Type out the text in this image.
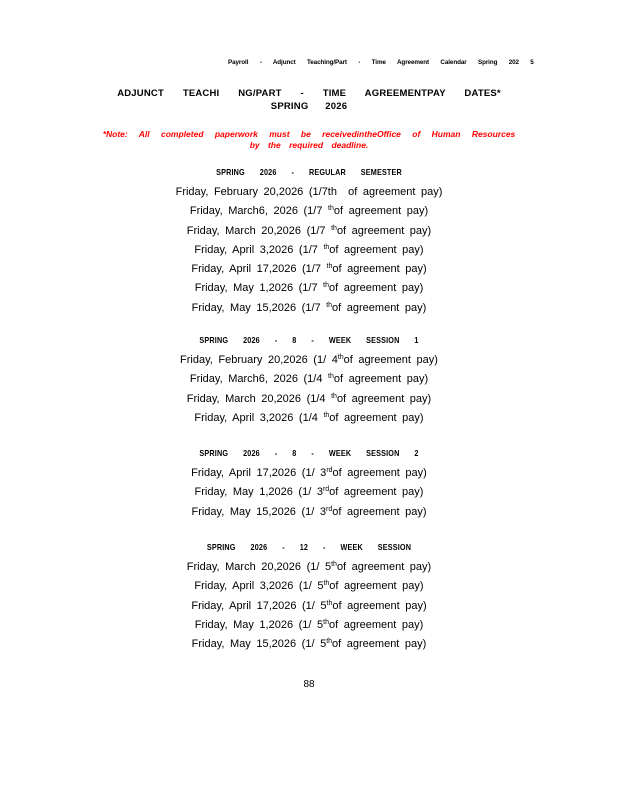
Payroll - Adjunct Teaching/Part - Time Agreement Calendar Spring 202 5
ADJUNCT TEACHI NG/PART - TIME AGREEMENTPAY DATES*
SPRING 2026
*Note: All completed paperwork must be receivedintheOffice of Human Resources
by the required deadline.
SPRING 2026 - REGULAR SEMESTER
Friday, February 20,2026 (1/7th  of agreement pay)
Friday, March6, 2026 (1/7 $^{th}$of agreement pay)
Friday, March 20,2026 (1/7 $^{th}$of agreement pay)
Friday, April 3,2026 (1/7 $^{th}$of agreement pay)
Friday, April 17,2026 (1/7 $^{th}$of agreement pay)
Friday, May 1,2026 (1/7 $^{th}$of agreement pay)
Friday, May 15,2026 (1/7 $^{th}$of agreement pay)
SPRING 2026 - 8 - WEEK SESSION 1
Friday, February 20,2026 (1/ 4thof agreement pay)
Friday, March6, 2026 (1/4 $^{th}$of agreement pay)
Friday, March 20,2026 (1/4 $^{th}$of agreement pay)
Friday, April 3,2026 (1/4 $^{th}$of agreement pay)
SPRING 2026 - 8 - WEEK SESSION 2
Friday, April 17,2026 (1/ 3rdof agreement pay)
Friday, May 1,2026 (1/ 3rdof agreement pay)
Friday, May 15,2026 (1/ 3rdof agreement pay)
SPRING 2026 - 12 - WEEK SESSION
Friday, March 20,2026 (1/ 5thof agreement pay)
Friday, April 3,2026 (1/ 5thof agreement pay)
Friday, April 17,2026 (1/ 5thof agreement pay)
Friday, May 1,2026 (1/ 5thof agreement pay)
Friday, May 15,2026 (1/ 5thof agreement pay)
88
